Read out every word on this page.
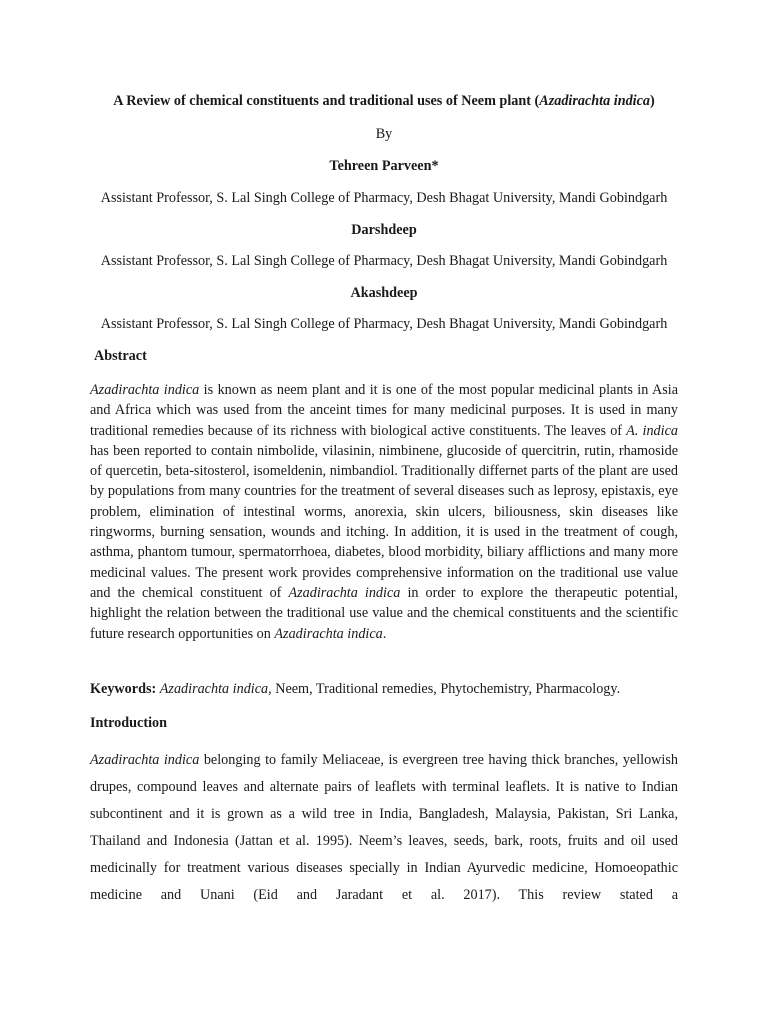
A Review of chemical constituents and traditional uses of Neem plant (Azadirachta indica)
By
Tehreen Parveen*
Assistant Professor, S. Lal Singh College of Pharmacy, Desh Bhagat University, Mandi Gobindgarh
Darshdeep
Assistant Professor, S. Lal Singh College of Pharmacy, Desh Bhagat University, Mandi Gobindgarh
Akashdeep
Assistant Professor, S. Lal Singh College of Pharmacy, Desh Bhagat University, Mandi Gobindgarh
Abstract

Azadirachta indica is known as neem plant and it is one of the most popular medicinal plants in Asia and Africa which was used from the anceint times for many medicinal purposes. It is used in many traditional remedies because of its richness with biological active constituents. The leaves of A. indica has been reported to contain nimbolide, vilasinin, nimbinene, glucoside of quercitrin, rutin, rhamoside of quercetin, beta-sitosterol, isomeldenin, nimbandiol. Traditionally differnet parts of the plant are used by populations from many countries for the treatment of several diseases such as leprosy, epistaxis, eye problem, elimination of intestinal worms, anorexia, skin ulcers, biliousness, skin diseases like ringworms, burning sensation, wounds and itching. In addition, it is used in the treatment of cough, asthma, phantom tumour, spermatorrhoea, diabetes, blood morbidity, biliary afflictions and many more medicinal values. The present work provides comprehensive information on the traditional use value and the chemical constituent of Azadirachta indica in order to explore the therapeutic potential, highlight the relation between the traditional use value and the chemical constituents and the scientific future research opportunities on Azadirachta indica.

Keywords: Azadirachta indica, Neem, Traditional remedies, Phytochemistry, Pharmacology.
Introduction

Azadirachta indica belonging to family Meliaceae, is evergreen tree having thick branches, yellowish drupes, compound leaves and alternate pairs of leaflets with terminal leaflets. It is native to Indian subcontinent and it is grown as a wild tree in India, Bangladesh, Malaysia, Pakistan, Sri Lanka, Thailand and Indonesia (Jattan et al. 1995). Neem’s leaves, seeds, bark, roots, fruits and oil used medicinally for treatment various diseases specially in Indian Ayurvedic medicine, Homoeopathic medicine and Unani (Eid and Jaradant et al. 2017). This review stated a
